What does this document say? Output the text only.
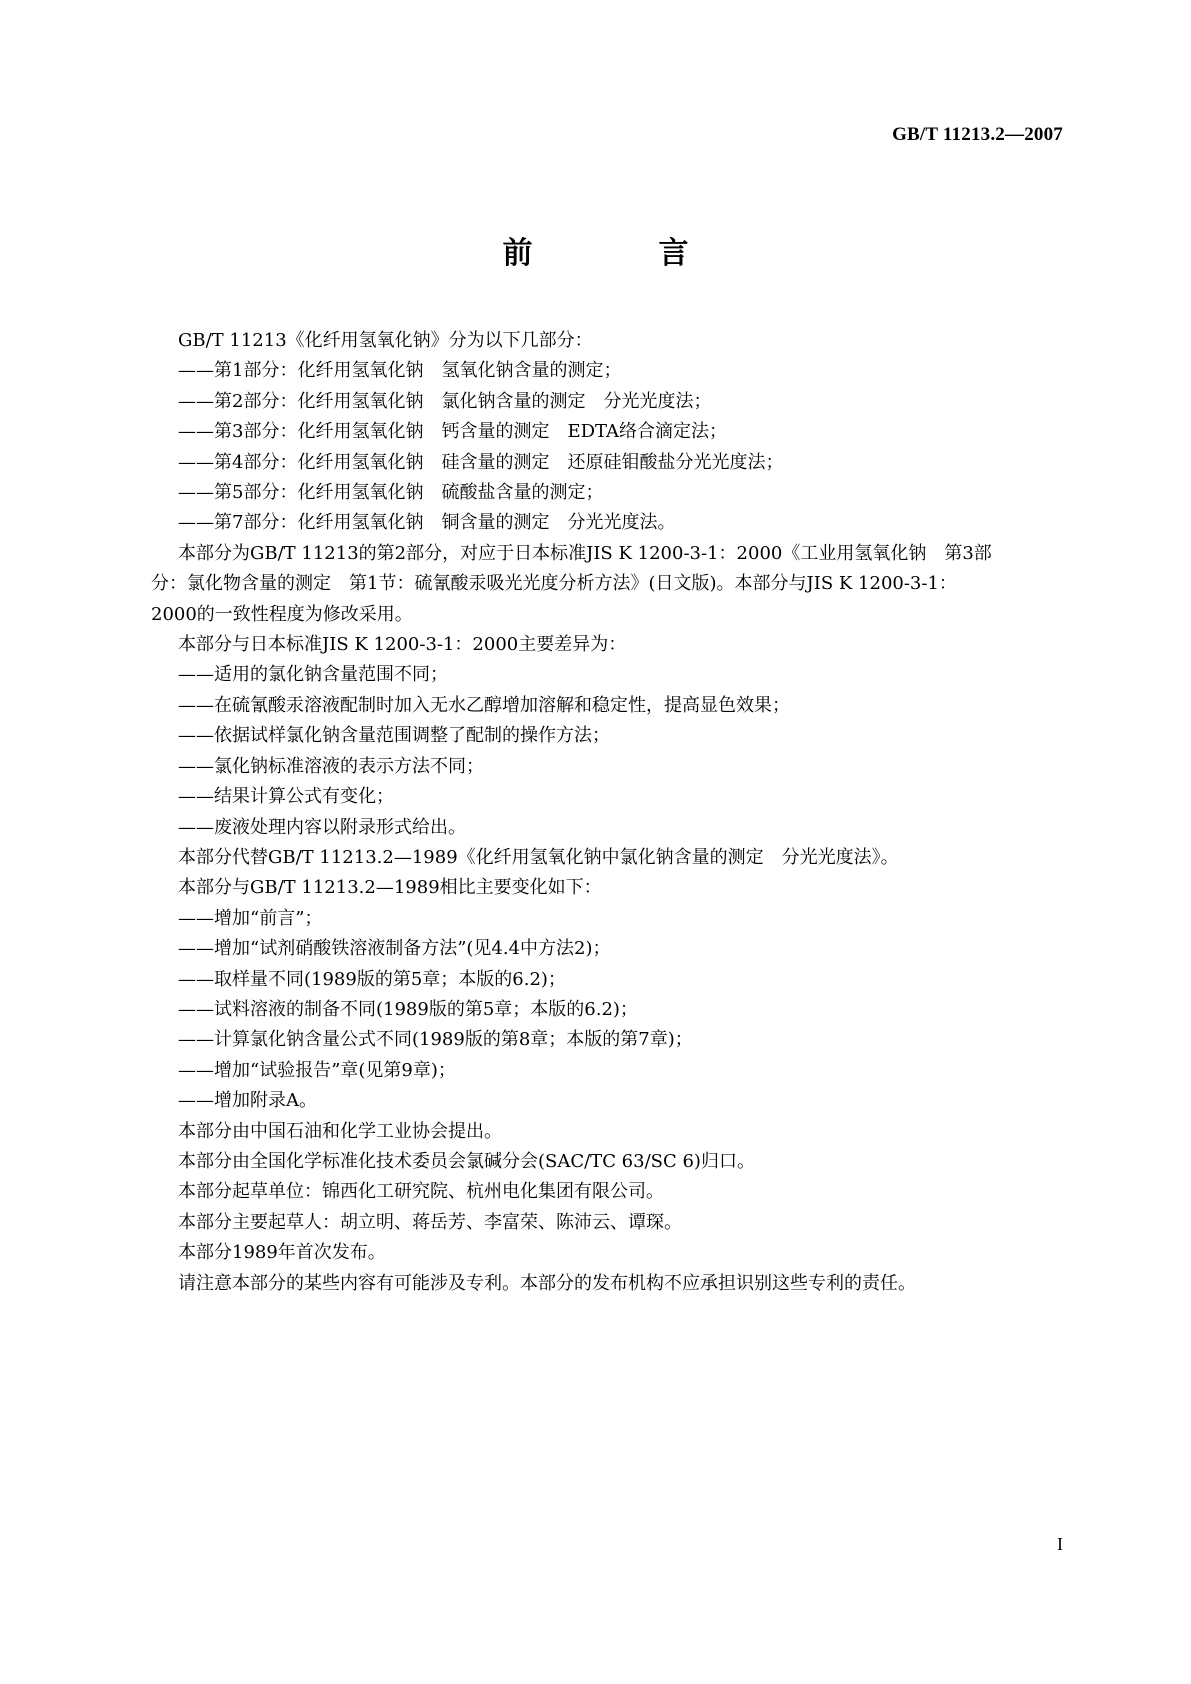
GB/T 11213.2—2007
前　言
GB/T 11213《化纤用氢氧化钠》分为以下几部分：
——第1部分：化纤用氢氧化钠　氢氧化钠含量的测定；
——第2部分：化纤用氢氧化钠　氯化钠含量的测定　分光光度法；
——第3部分：化纤用氢氧化钠　钙含量的测定　EDTA络合滴定法；
——第4部分：化纤用氢氧化钠　硅含量的测定　还原硅钼酸盐分光光度法；
——第5部分：化纤用氢氧化钠　硫酸盐含量的测定；
——第7部分：化纤用氢氧化钠　铜含量的测定　分光光度法。
本部分为GB/T 11213的第2部分，对应于日本标准JIS K 1200-3-1：2000《工业用氢氧化钠　第3部
分：氯化物含量的测定　第1节：硫氰酸汞吸光光度分析方法》(日文版)。本部分与JIS K 1200-3-1：
2000的一致性程度为修改采用。
本部分与日本标准JIS K 1200-3-1：2000主要差异为：
——适用的氯化钠含量范围不同；
——在硫氰酸汞溶液配制时加入无水乙醇增加溶解和稳定性，提高显色效果；
——依据试样氯化钠含量范围调整了配制的操作方法；
——氯化钠标准溶液的表示方法不同；
——结果计算公式有变化；
——废液处理内容以附录形式给出。
本部分代替GB/T 11213.2—1989《化纤用氢氧化钠中氯化钠含量的测定　分光光度法》。
本部分与GB/T 11213.2—1989相比主要变化如下：
——增加“前言”；
——增加“试剂硝酸铁溶液制备方法”(见4.4中方法2)；
——取样量不同(1989版的第5章；本版的6.2)；
——试料溶液的制备不同(1989版的第5章；本版的6.2)；
——计算氯化钠含量公式不同(1989版的第8章；本版的第7章)；
——增加“试验报告”章(见第9章)；
——增加附录A。
本部分由中国石油和化学工业协会提出。
本部分由全国化学标准化技术委员会氯碱分会(SAC/TC 63/SC 6)归口。
本部分起草单位：锦西化工研究院、杭州电化集团有限公司。
本部分主要起草人：胡立明、蒋岳芳、李富荣、陈沛云、谭琛。
本部分1989年首次发布。
请注意本部分的某些内容有可能涉及专利。本部分的发布机构不应承担识别这些专利的责任。
I
